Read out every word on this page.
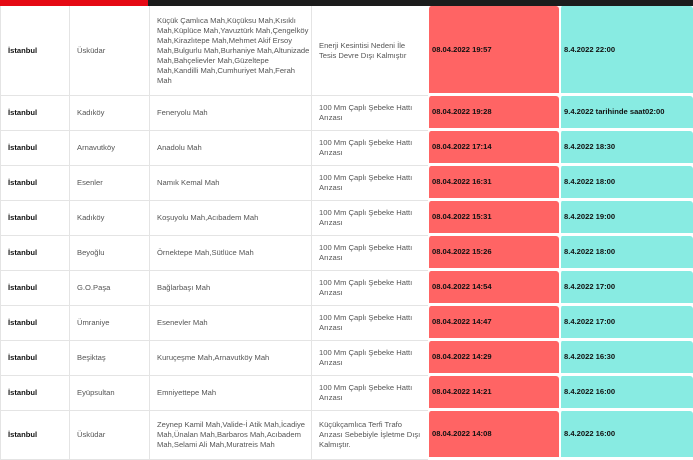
İstanbul	Üsküdar	Küçük Çamlıca Mah,Küçüksu Mah,Kısıklı Mah,Küplüce Mah,Yavuztürk Mah,Çengelköy Mah,Kirazlıtepe Mah,Mehmet Akif Ersoy Mah,Bulgurlu Mah,Burhaniye Mah,Altunizade Mah,Bahçelievler Mah,Güzeltepe Mah,Kandilli Mah,Cumhuriyet Mah,Ferah Mah	Enerji Kesintisi Nedeni İle Tesis Devre Dışı Kalmıştır	08.04.2022 19:57	8.4.2022 22:00
İstanbul	Kadıköy	Feneryolu Mah	100 Mm Çaplı Şebeke Hattı Arızası	08.04.2022 19:28	9.4.2022 tarihinde saat02:00
İstanbul	Arnavutköy	Anadolu Mah	100 Mm Çaplı Şebeke Hattı Arızası	08.04.2022 17:14	8.4.2022 18:30
İstanbul	Esenler	Namık Kemal Mah	100 Mm Çaplı Şebeke Hattı Arızası	08.04.2022 16:31	8.4.2022 18:00
İstanbul	Kadıköy	Koşuyolu Mah,Acıbadem Mah	100 Mm Çaplı Şebeke Hattı Arızası	08.04.2022 15:31	8.4.2022 19:00
İstanbul	Beyoğlu	Örnektepe Mah,Sütlüce Mah	100 Mm Çaplı Şebeke Hattı Arızası	08.04.2022 15:26	8.4.2022 18:00
İstanbul	G.O.Paşa	Bağlarbaşı Mah	100 Mm Çaplı Şebeke Hattı Arızası	08.04.2022 14:54	8.4.2022 17:00
İstanbul	Ümraniye	Esenevler Mah	100 Mm Çaplı Şebeke Hattı Arızası	08.04.2022 14:47	8.4.2022 17:00
İstanbul	Beşiktaş	Kuruçeşme Mah,Arnavutköy Mah	100 Mm Çaplı Şebeke Hattı Arızası	08.04.2022 14:29	8.4.2022 16:30
İstanbul	Eyüpsultan	Emniyettepe Mah	100 Mm Çaplı Şebeke Hattı Arızası	08.04.2022 14:21	8.4.2022 16:00
İstanbul	Üsküdar	Zeynep Kamil Mah,Valide-İ Atik Mah,İcadiye Mah,Ünalan Mah,Barbaros Mah,Acıbadem Mah,Selami Ali Mah,Muratreis Mah	Küçükçamlıca Terfi Trafo Arızası Sebebiyle İşletme Dışı Kalmıştır.	08.04.2022 14:08	8.4.2022 16:00
